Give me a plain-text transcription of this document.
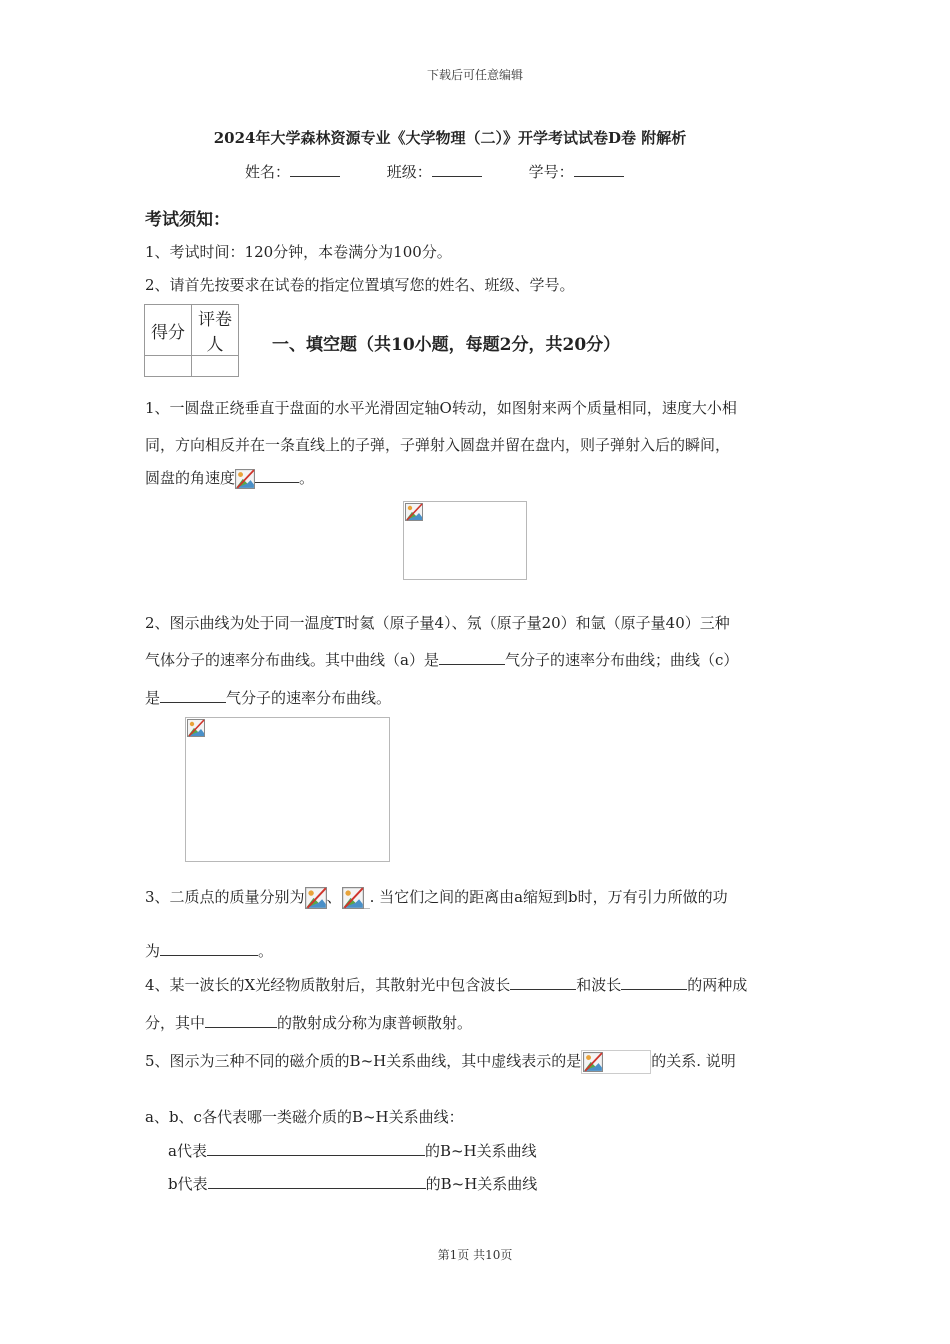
下载后可任意编辑
2024年大学森林资源专业《大学物理（二）》开学考试试卷D卷 附解析
姓名：	班级：	学号：
考试须知：
1、考试时间：120分钟，本卷满分为100分。
2、请首先按要求在试卷的指定位置填写您的姓名、班级、学号。
得分	评卷人
		一、填空题（共10小题，每题2分，共20分）
1、一圆盘正绕垂直于盘面的水平光滑固定轴O转动，如图射来两个质量相同，速度大小相
同，方向相反并在一条直线上的子弹，子弹射入圆盘并留在盘内，则子弹射入后的瞬间，
圆盘的角速度	。
2、图示曲线为处于同一温度T时氦（原子量4）、氖（原子量20）和氩（原子量40）三种
气体分子的速率分布曲线。其中曲线（a）是	气分子的速率分布曲线；曲线（c）
是	气分子的速率分布曲线。
3、二质点的质量分别为 、 . 当它们之间的距离由a缩短到b时，万有引力所做的功
为	。
4、某一波长的X光经物质散射后，其散射光中包含波长	和波长	的两种成
分，其中	的散射成分称为康普顿散射。
5、图示为三种不同的磁介质的B~H关系曲线，其中虚线表示的是	的关系. 说明
a、b、c各代表哪一类磁介质的B~H关系曲线：
a代表	的B~H关系曲线
b代表	的B~H关系曲线
第1页 共10页
